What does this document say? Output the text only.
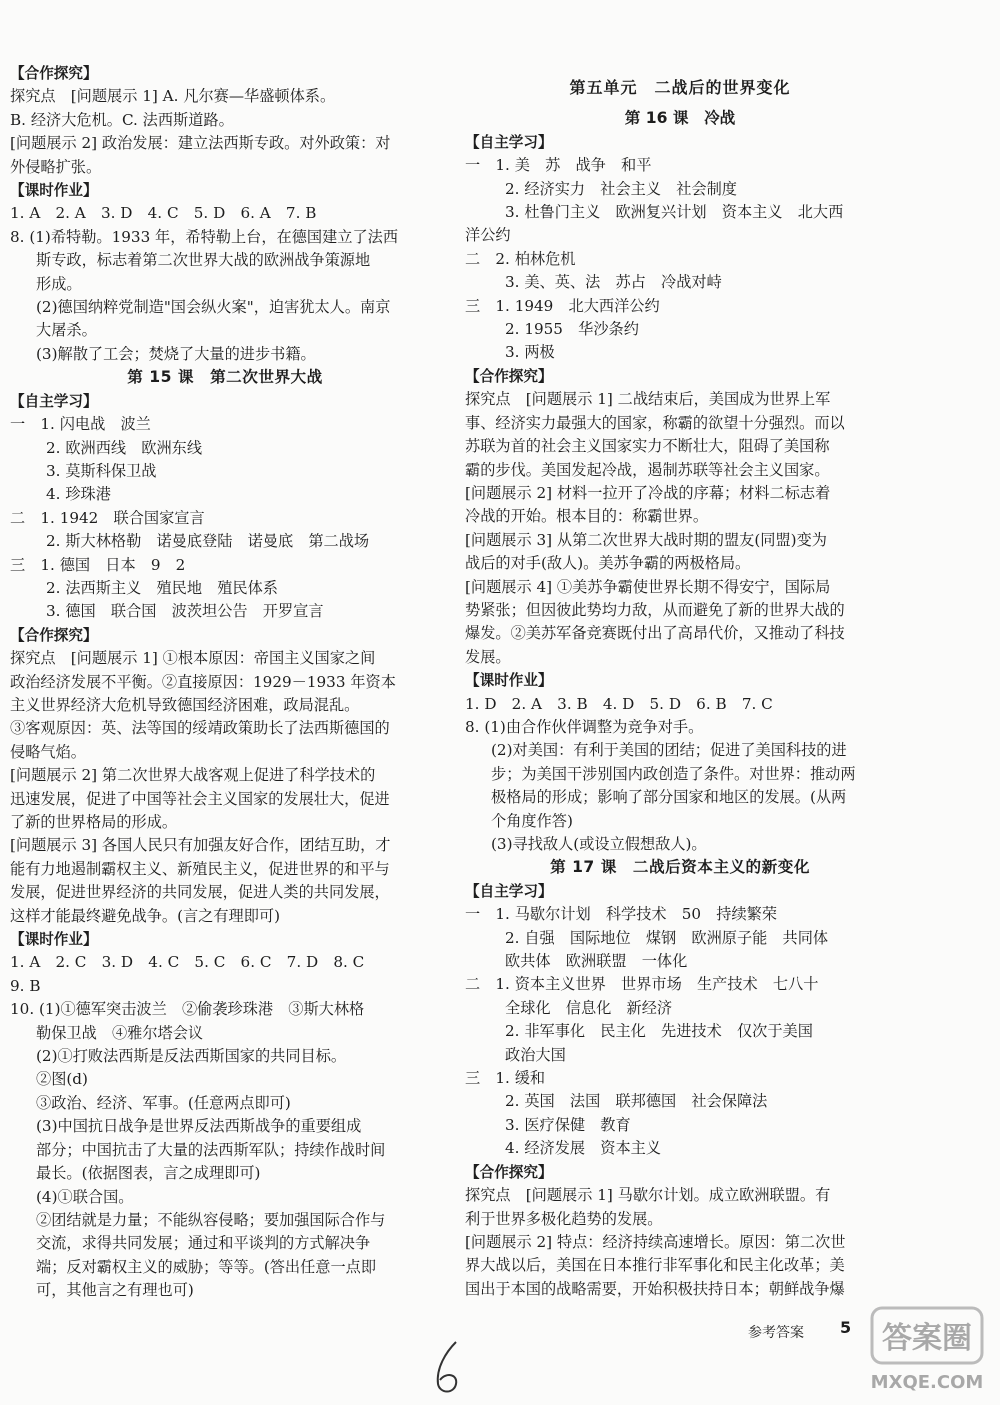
【合作探究】
探究点　[问题展示 1] A. 凡尔赛—华盛顿体系。
B. 经济大危机。C. 法西斯道路。
[问题展示 2] 政治发展：建立法西斯专政。对外政策：对
外侵略扩张。
【课时作业】
1. A　2. A　3. D　4. C　5. D　6. A　7. B
8. (1)希特勒。1933 年，希特勒上台，在德国建立了法西
斯专政，标志着第二次世界大战的欧洲战争策源地
形成。
(2)德国纳粹党制造"国会纵火案"，迫害犹太人。南京
大屠杀。
(3)解散了工会；焚烧了大量的进步书籍。
第 15 课　第二次世界大战
【自主学习】
一　1. 闪电战　波兰
2. 欧洲西线　欧洲东线
3. 莫斯科保卫战
4. 珍珠港
二　1. 1942　联合国家宣言
2. 斯大林格勒　诺曼底登陆　诺曼底　第二战场
三　1. 德国　日本　9　2
2. 法西斯主义　殖民地　殖民体系
3. 德国　联合国　波茨坦公告　开罗宣言
【合作探究】
探究点　[问题展示 1] ①根本原因：帝国主义国家之间
政治经济发展不平衡。②直接原因：1929－1933 年资本
主义世界经济大危机导致德国经济困难，政局混乱。
③客观原因：英、法等国的绥靖政策助长了法西斯德国的
侵略气焰。
[问题展示 2] 第二次世界大战客观上促进了科学技术的
迅速发展，促进了中国等社会主义国家的发展壮大，促进
了新的世界格局的形成。
[问题展示 3] 各国人民只有加强友好合作，团结互助，才
能有力地遏制霸权主义、新殖民主义，促进世界的和平与
发展，促进世界经济的共同发展，促进人类的共同发展，
这样才能最终避免战争。(言之有理即可)
【课时作业】
1. A　2. C　3. D　4. C　5. C　6. C　7. D　8. C
9. B
10. (1)①德军突击波兰　②偷袭珍珠港　③斯大林格
勒保卫战　④雅尔塔会议
(2)①打败法西斯是反法西斯国家的共同目标。
②图(d)
③政治、经济、军事。(任意两点即可)
(3)中国抗日战争是世界反法西斯战争的重要组成
部分；中国抗击了大量的法西斯军队；持续作战时间
最长。(依据图表，言之成理即可)
(4)①联合国。
②团结就是力量；不能纵容侵略；要加强国际合作与
交流，求得共同发展；通过和平谈判的方式解决争
端；反对霸权主义的威胁；等等。(答出任意一点即
可，其他言之有理也可)
第五单元　二战后的世界变化
第 16 课　冷战
【自主学习】
一　1. 美　苏　战争　和平
2. 经济实力　社会主义　社会制度
3. 杜鲁门主义　欧洲复兴计划　资本主义　北大西
洋公约
二　2. 柏林危机
3. 美、英、法　苏占　冷战对峙
三　1. 1949　北大西洋公约
2. 1955　华沙条约
3. 两极
【合作探究】
探究点　[问题展示 1] 二战结束后，美国成为世界上军
事、经济实力最强大的国家，称霸的欲望十分强烈。而以
苏联为首的社会主义国家实力不断壮大，阻碍了美国称
霸的步伐。美国发起冷战，遏制苏联等社会主义国家。
[问题展示 2] 材料一拉开了冷战的序幕；材料二标志着
冷战的开始。根本目的：称霸世界。
[问题展示 3] 从第二次世界大战时期的盟友(同盟)变为
战后的对手(敌人)。美苏争霸的两极格局。
[问题展示 4] ①美苏争霸使世界长期不得安宁，国际局
势紧张；但因彼此势均力敌，从而避免了新的世界大战的
爆发。②美苏军备竞赛既付出了高昂代价，又推动了科技
发展。
【课时作业】
1. D　2. A　3. B　4. D　5. D　6. B　7. C
8. (1)由合作伙伴调整为竞争对手。
(2)对美国：有利于美国的团结；促进了美国科技的进
步；为美国干涉别国内政创造了条件。对世界：推动两
极格局的形成；影响了部分国家和地区的发展。(从两
个角度作答)
(3)寻找敌人(或设立假想敌人)。
第 17 课　二战后资本主义的新变化
【自主学习】
一　1. 马歇尔计划　科学技术　50　持续繁荣
2. 自强　国际地位　煤钢　欧洲原子能　共同体
欧共体　欧洲联盟　一体化
二　1. 资本主义世界　世界市场　生产技术　七八十
全球化　信息化　新经济
2. 非军事化　民主化　先进技术　仅次于美国
政治大国
三　1. 缓和
2. 英国　法国　联邦德国　社会保障法
3. 医疗保健　教育
4. 经济发展　资本主义
【合作探究】
探究点　[问题展示 1] 马歇尔计划。成立欧洲联盟。有
利于世界多极化趋势的发展。
[问题展示 2] 特点：经济持续高速增长。原因：第二次世
界大战以后，美国在日本推行非军事化和民主化改革；美
国出于本国的战略需要，开始积极扶持日本；朝鲜战争爆
参考答案 5 答案圈
MXQE.COM
